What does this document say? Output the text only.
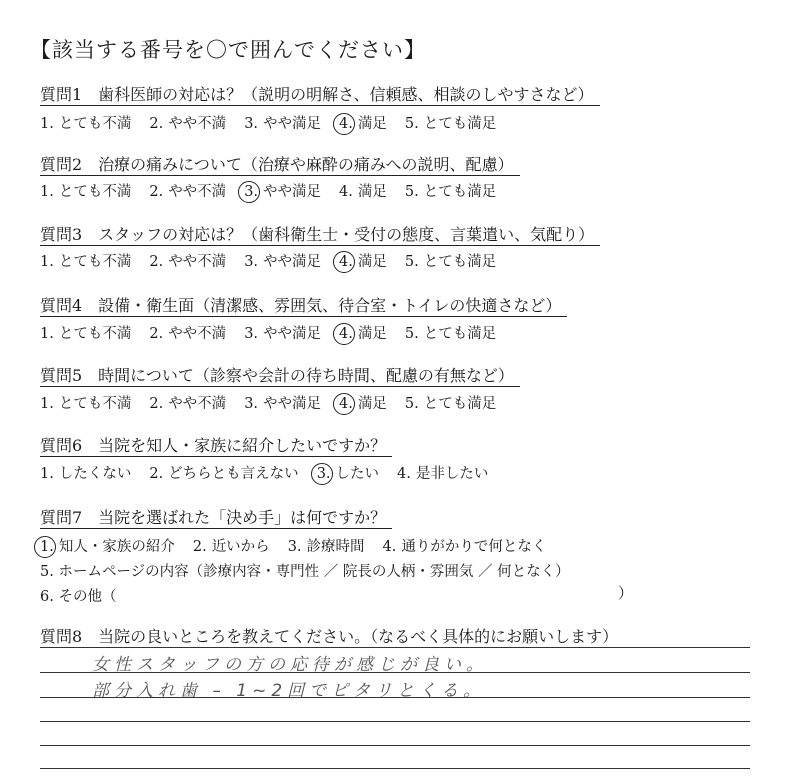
【該当する番号を〇で囲んでください】
質問1　歯科医師の対応は？（説明の明解さ、信頼感、相談のしやすさなど）
1. とても不満 2. やや不満 3. やや満足 4. 満足 5. とても満足
質問2　治療の痛みについて（治療や麻酔の痛みへの説明、配慮）
1. とても不満 2. やや不満 3. やや満足 4. 満足 5. とても満足
質問3　スタッフの対応は？（歯科衛生士・受付の態度、言葉遣い、気配り）
1. とても不満 2. やや不満 3. やや満足 4. 満足 5. とても満足
質問4　設備・衛生面（清潔感、雰囲気、待合室・トイレの快適さなど）
1. とても不満 2. やや不満 3. やや満足 4. 満足 5. とても満足
質問5　時間について（診察や会計の待ち時間、配慮の有無など）
1. とても不満 2. やや不満 3. やや満足 4. 満足 5. とても満足
質問6　当院を知人・家族に紹介したいですか？
1. したくない 2. どちらとも言えない 3. したい 4. 是非したい
質問7　当院を選ばれた「決め手」は何ですか？
1. 知人・家族の紹介 2. 近いから 3. 診療時間 4. 通りがかりで何となく
5. ホームページの内容（診療内容・専門性 ／ 院長の人柄・雰囲気 ／ 何となく）
6. その他（	）
質問8　当院の良いところを教えてください。（なるべく具体的にお願いします）
女性スタッフの方の応待が感じが良い。
部分入れ歯 – 1~2回でピタリとくる。
